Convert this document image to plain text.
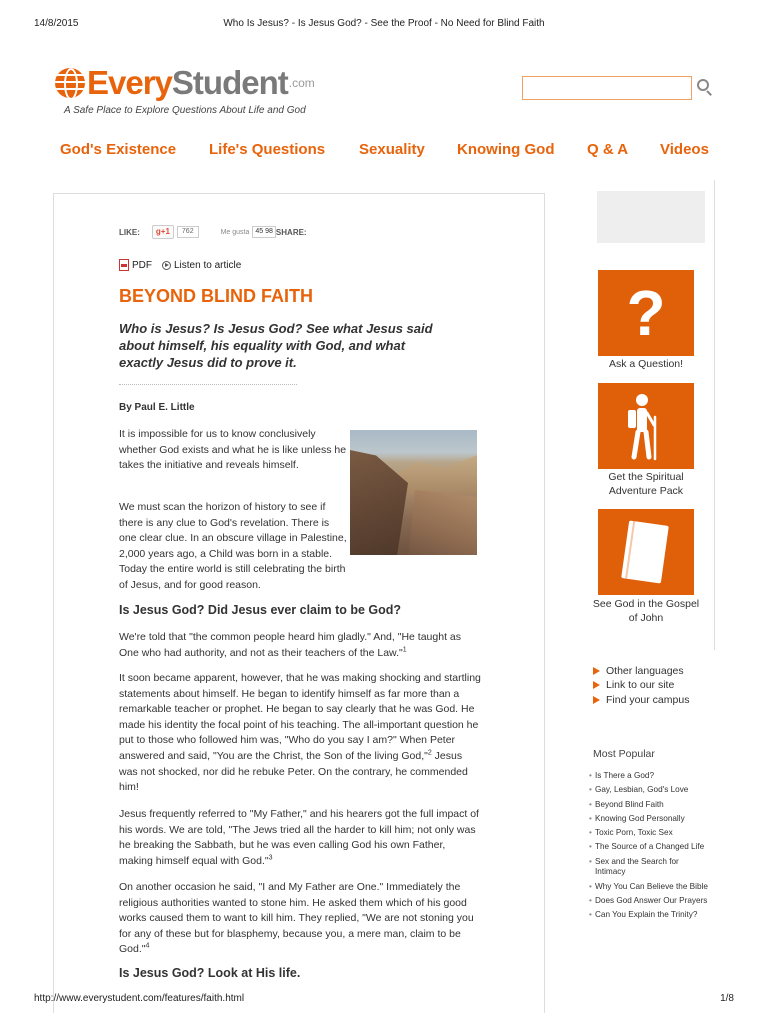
14/8/2015	Who Is Jesus? - Is Jesus God? - See the Proof - No Need for Blind Faith
EveryStudent .com
A Safe Place to Explore Questions About Life and God
God's Existence Life's Questions Sexuality Knowing God Q & A Videos
LIKE:	g+1	762	Me gusta 45 98 SHARE:
PDF Listen to article
BEYOND BLIND FAITH
Who is Jesus? Is Jesus God? See what Jesus said about himself, his equality with God, and what exactly Jesus did to prove it.
By Paul E. Little

It is impossible for us to know conclusively whether God exists and what he is like unless he takes the initiative and reveals himself.

We must scan the horizon of history to see if there is any clue to God's revelation. There is one clear clue. In an obscure village in Palestine, 2,000 years ago, a Child was born in a stable. Today the entire world is still celebrating the birth of Jesus, and for good reason.

Is Jesus God? Did Jesus ever claim to be God?

We're told that "the common people heard him gladly." And, "He taught as One who had authority, and not as their teachers of the Law."$^1$

It soon became apparent, however, that he was making shocking and startling statements about himself. He began to identify himself as far more than a remarkable teacher or prophet. He began to say clearly that he was God. He made his identity the focal point of his teaching. The all-important question he put to those who followed him was, "Who do you say I am?" When Peter answered and said, "You are the Christ, the Son of the living God,"$^2$ Jesus was not shocked, nor did he rebuke Peter. On the contrary, he commended him!

Jesus frequently referred to "My Father," and his hearers got the full impact of his words. We are told, "The Jews tried all the harder to kill him; not only was he breaking the Sabbath, but he was even calling God his own Father, making himself equal with God."$^3$

On another occasion he said, "I and My Father are One." Immediately the religious authorities wanted to stone him. He asked them which of his good works caused them to want to kill him. They replied, "We are not stoning you for any of these but for blasphemy, because you, a mere man, claim to be God."$^4$

Is Jesus God? Look at His life.
?
Ask a Question!
Get the Spiritual Adventure Pack
See God in the Gospel of John
Other languages
Link to our site
Find your campus
Most Popular
• Is There a God?
• Gay, Lesbian, God's Love
• Beyond Blind Faith
• Knowing God Personally
• Toxic Porn, Toxic Sex
• The Source of a Changed Life
• Sex and the Search for Intimacy
• Why You Can Believe the Bible
• Does God Answer Our Prayers
• Can You Explain the Trinity?
http://www.everystudent.com/features/faith.html	1/8
